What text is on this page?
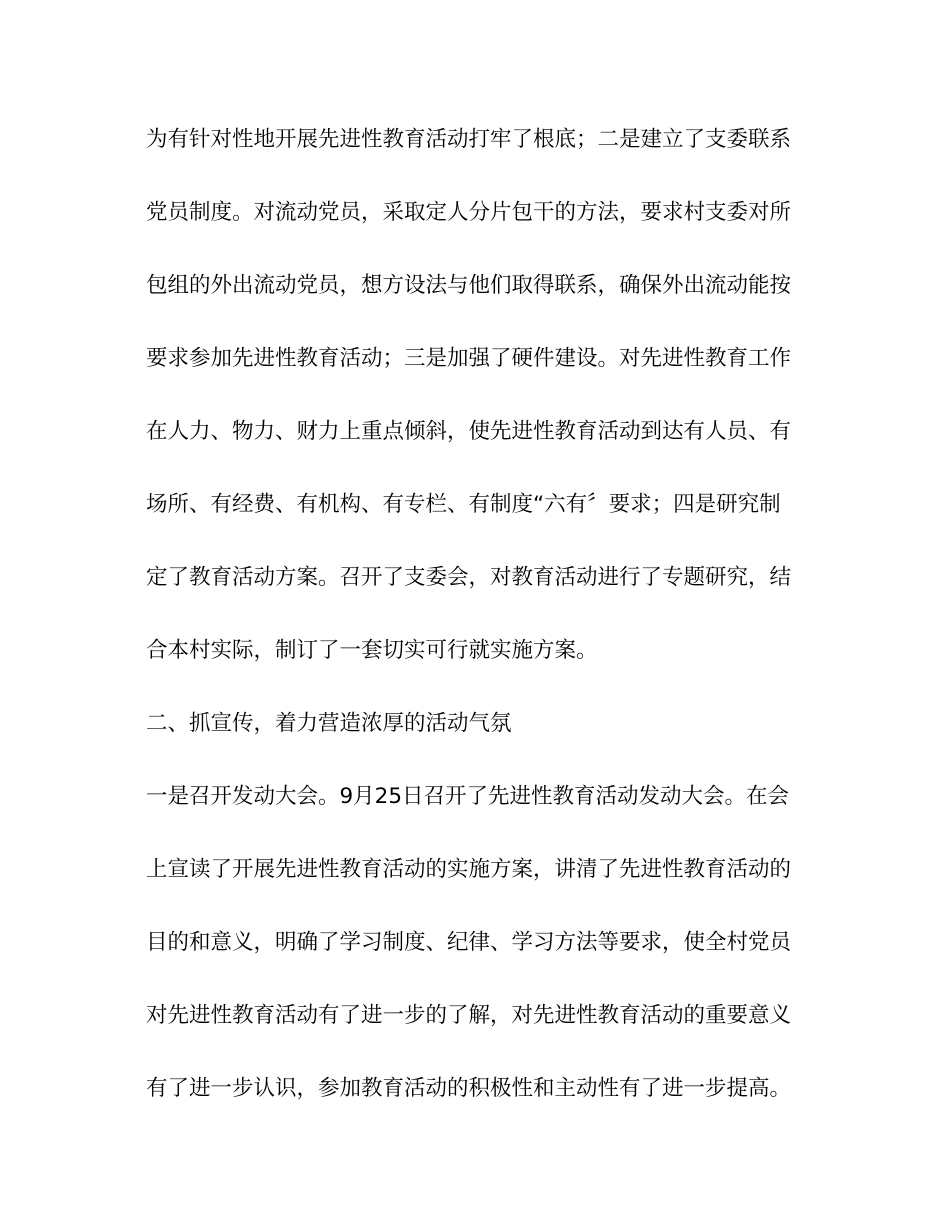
为有针对性地开展先进性教育活动打牢了根底；二是建立了支委联系
党员制度。对流动党员，采取定人分片包干的方法，要求村支委对所
包组的外出流动党员，想方设法与他们取得联系，确保外出流动能按
要求参加先进性教育活动；三是加强了硬件建设。对先进性教育工作
在人力、物力、财力上重点倾斜，使先进性教育活动到达有人员、有
场所、有经费、有机构、有专栏、有制度“六有〞要求；四是研究制
定了教育活动方案。召开了支委会，对教育活动进行了专题研究，结
合本村实际，制订了一套切实可行就实施方案。
二、抓宣传，着力营造浓厚的活动气氛
一是召开发动大会。9月25日召开了先进性教育活动发动大会。在会
上宣读了开展先进性教育活动的实施方案，讲清了先进性教育活动的
目的和意义，明确了学习制度、纪律、学习方法等要求，使全村党员
对先进性教育活动有了进一步的了解，对先进性教育活动的重要意义
有了进一步认识，参加教育活动的积极性和主动性有了进一步提高。
